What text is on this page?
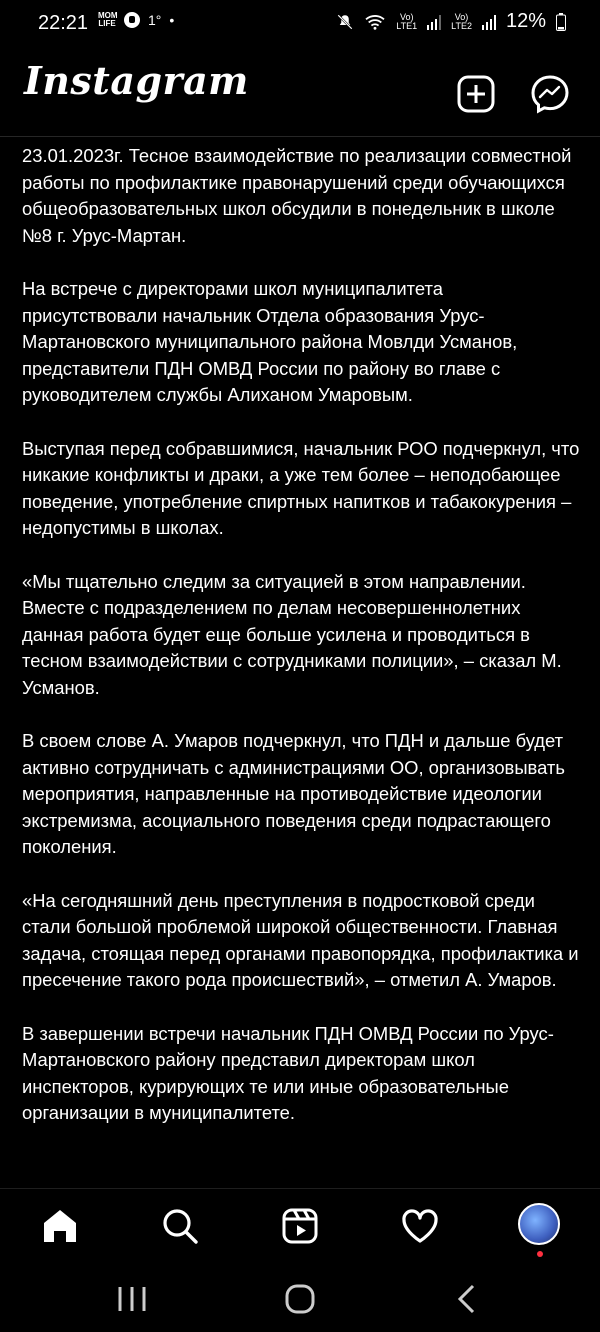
22:21 MOM
LIFE 1° •	Vo)
LTE1
Vo)
LTE2 12%
Instagram

23.01.2023г. Тесное взаимодействие по реализации совместной работы по профилактике правонарушений среди обучающихся общеобразовательных школ обсудили в понедельник в школе №8 г. Урус-Мартан.

На встрече с директорами школ муниципалитета присутствовали начальник Отдела образования Урус-Мартановского муниципального района Мовлди Усманов, представители ПДН ОМВД России по району во главе с руководителем службы Алиханом Умаровым.

Выступая перед собравшимися, начальник РОО подчеркнул, что никакие конфликты и драки, а уже тем более – неподобающее поведение, употребление спиртных напитков и табакокурения – недопустимы в школах.

«Мы тщательно следим за ситуацией в этом направлении. Вместе с подразделением по делам несовершеннолетних данная работа будет еще больше усилена и проводиться в тесном взаимодействии с сотрудниками полиции», – сказал М. Усманов.

В своем слове А. Умаров подчеркнул, что ПДН и дальше будет активно сотрудничать с администрациями ОО, организовывать мероприятия, направленные на противодействие идеологии экстремизма, асоциального поведения среди подрастающего поколения.

«На сегодняшний день преступления в подростковой среди стали большой проблемой широкой общественности. Главная задача, стоящая перед органами правопорядка, профилактика и пресечение такого рода происшествий», – отметил А. Умаров.

В завершении встречи начальник ПДН ОМВД России по Урус-Мартановского району представил директорам школ инспекторов, курирующих те или иные образовательные организации в муниципалитете.
